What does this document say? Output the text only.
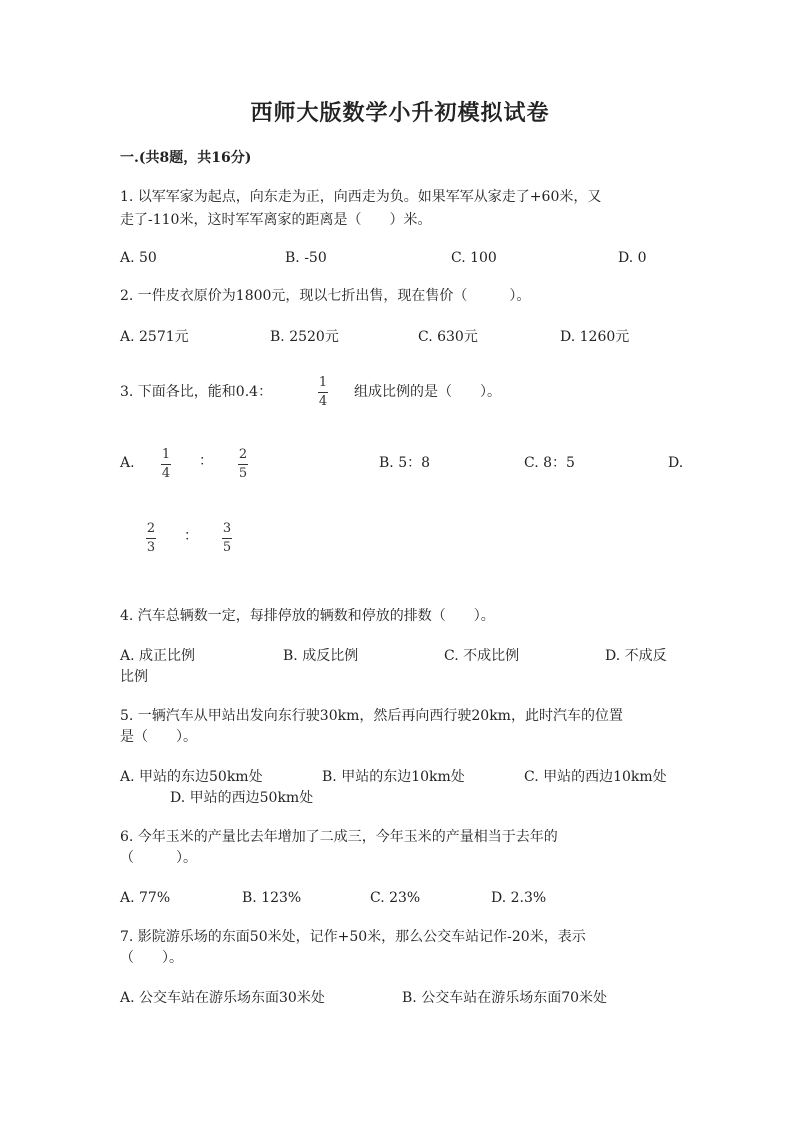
西师大版数学小升初模拟试卷
一.(共8题，共16分)
1. 以军军家为起点，向东走为正，向西走为负。如果军军从家走了+60米，又
走了-110米，这时军军离家的距离是（　　）米。
A. 50	B. -50	C. 100	D. 0
2. 一件皮衣原价为1800元，现以七折出售，现在售价（　　　）。
A. 2571元	B. 2520元	C. 630元	D. 1260元
3. 下面各比，能和0.4：
1
4
组成比例的是（　　）。
A.
1
4
： 2
5
B. 5：8	C. 8：5	D.
2
3
： 3
5
4. 汽车总辆数一定，每排停放的辆数和停放的排数（　　）。
A. 成正比例	B. 成反比例	C. 不成比例	D. 不成反
比例
5. 一辆汽车从甲站出发向东行驶30km，然后再向西行驶20km，此时汽车的位置
是（　　）。
A. 甲站的东边50km处	B. 甲站的东边10km处	C. 甲站的西边10km处
D. 甲站的西边50km处
6. 今年玉米的产量比去年增加了二成三，今年玉米的产量相当于去年的
（　　　）。
A. 77%	B. 123%	C. 23%	D. 2.3%
7. 影院游乐场的东面50米处，记作+50米，那么公交车站记作-20米，表示
（　　）。
A. 公交车站在游乐场东面30米处	B. 公交车站在游乐场东面70米处
